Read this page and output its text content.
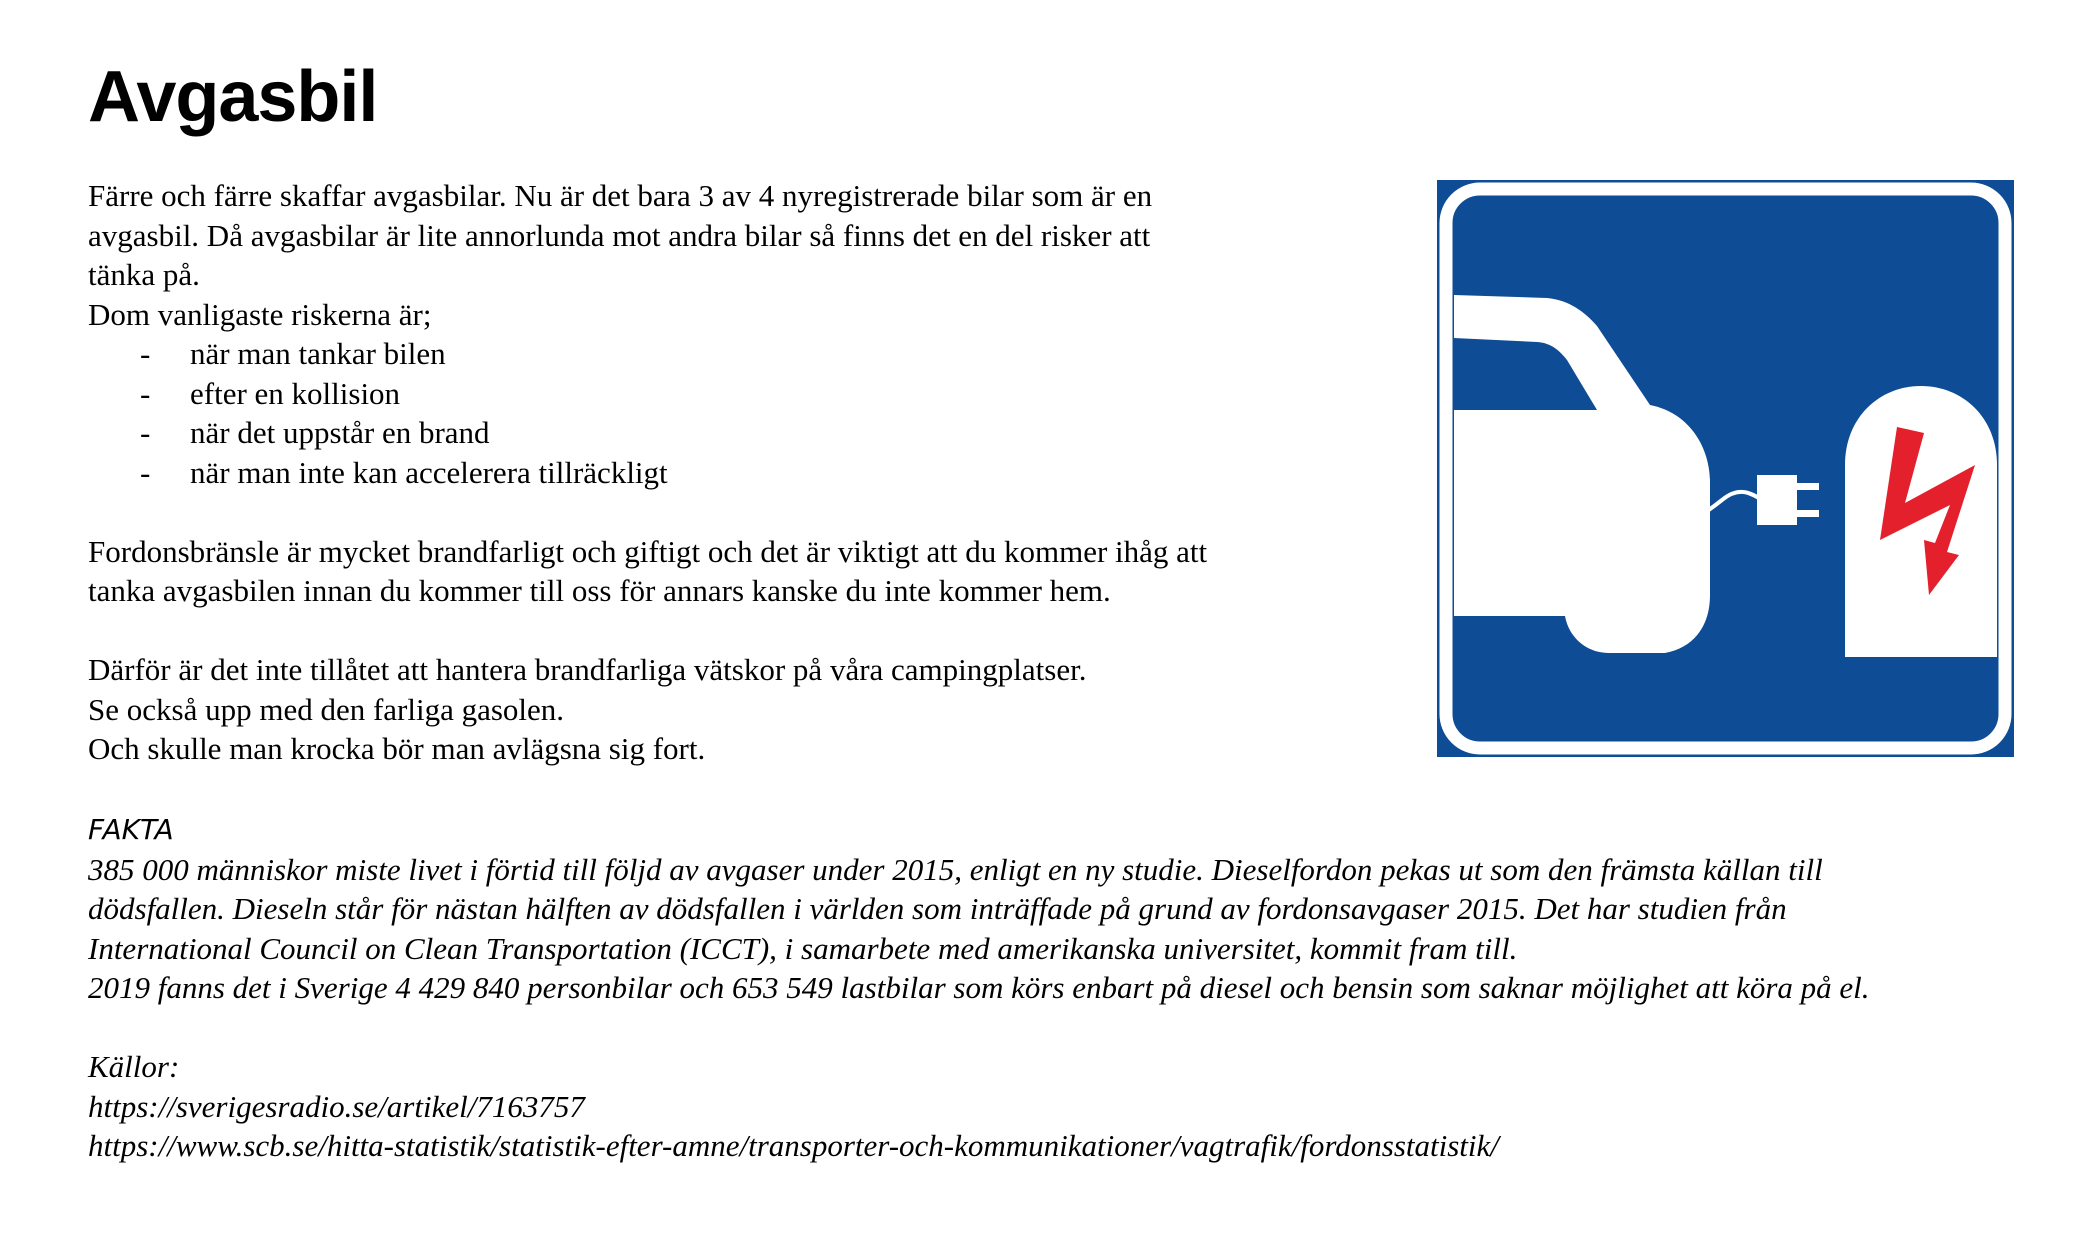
Avgasbil

Färre och färre skaffar avgasbilar. Nu är det bara 3 av 4 nyregistrerade bilar som är en

avgasbil. Då avgasbilar är lite annorlunda mot andra bilar så finns det en del risker att

tänka på.

Dom vanligaste riskerna är;

- när man tankar bilen
- efter en kollision
- när det uppstår en brand
- när man inte kan accelerera tillräckligt

Fordonsbränsle är mycket brandfarligt och giftigt och det är viktigt att du kommer ihåg att

tanka avgasbilen innan du kommer till oss för annars kanske du inte kommer hem.

Därför är det inte tillåtet att hantera brandfarliga vätskor på våra campingplatser.

Se också upp med den farliga gasolen.

Och skulle man krocka bör man avlägsna sig fort.

FAKTA

385 000 människor miste livet i förtid till följd av avgaser under 2015, enligt en ny studie. Dieselfordon pekas ut som den främsta källan till

dödsfallen. Dieseln står för nästan hälften av dödsfallen i världen som inträffade på grund av fordonsavgaser 2015. Det har studien från

International Council on Clean Transportation (ICCT), i samarbete med amerikanska universitet, kommit fram till.

2019 fanns det i Sverige 4 429 840 personbilar och 653 549 lastbilar som körs enbart på diesel och bensin som saknar möjlighet att köra på el.

Källor:

https://sverigesradio.se/artikel/7163757

https://www.scb.se/hitta-statistik/statistik-efter-amne/transporter-och-kommunikationer/vagtrafik/fordonsstatistik/
